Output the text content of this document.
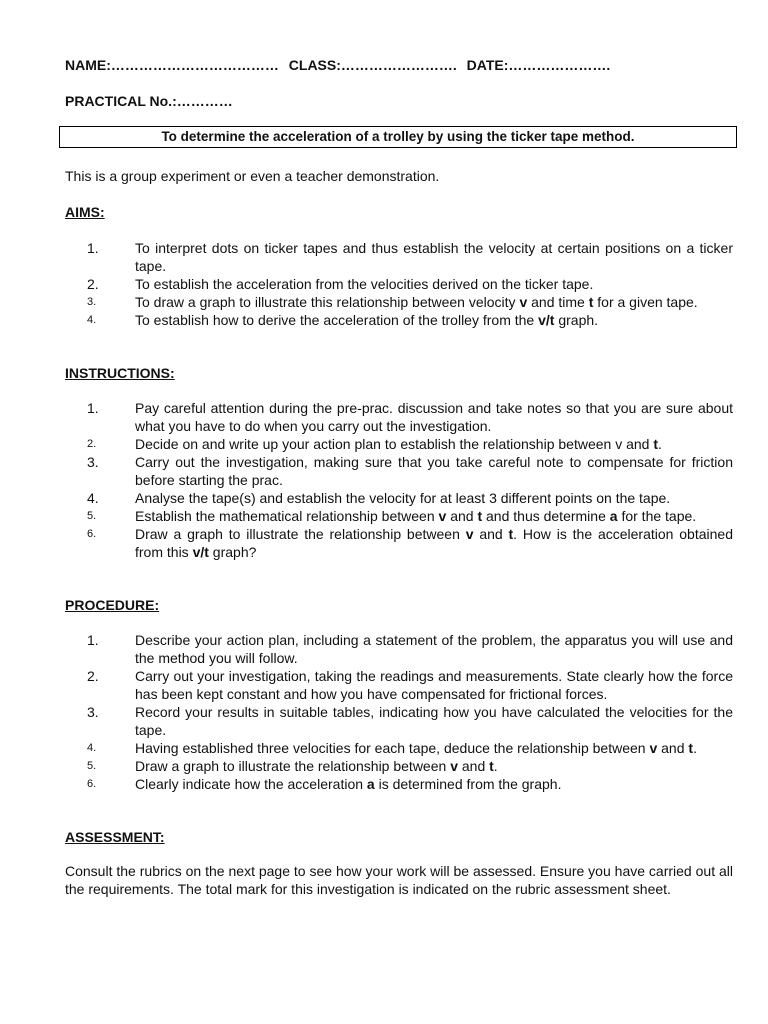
NAME:……………………………… CLASS:……………………. DATE:………………….
PRACTICAL No.:…………
To determine the acceleration of a trolley by using the ticker tape method.
This is a group experiment or even a teacher demonstration.
AIMS:
1.	To interpret dots on ticker tapes and thus establish the velocity at certain positions on a ticker tape.
2.	To establish the acceleration from the velocities derived on the ticker tape.
3.	To draw a graph to illustrate this relationship between velocity v and time t for a given tape.
4.	To establish how to derive the acceleration of the trolley from the v/t graph.
INSTRUCTIONS:
1.	Pay careful attention during the pre-prac. discussion and take notes so that you are sure about what you have to do when you carry out the investigation.
2.	Decide on and write up your action plan to establish the relationship between v and t.
3.	Carry out the investigation, making sure that you take careful note to compensate for friction before starting the prac.
4.	Analyse the tape(s) and establish the velocity for at least 3 different points on the tape.
5.	Establish the mathematical relationship between v and t and thus determine a for the tape.
6.	Draw a graph to illustrate the relationship between v and t. How is the acceleration obtained from this v/t graph?
PROCEDURE:
1.	Describe your action plan, including a statement of the problem, the apparatus you will use and the method you will follow.
2.	Carry out your investigation, taking the readings and measurements. State clearly how the force has been kept constant and how you have compensated for frictional forces.
3.	Record your results in suitable tables, indicating how you have calculated the velocities for the tape.
4.	Having established three velocities for each tape, deduce the relationship between v and t.
5.	Draw a graph to illustrate the relationship between v and t.
6.	Clearly indicate how the acceleration a is determined from the graph.
ASSESSMENT:
Consult the rubrics on the next page to see how your work will be assessed. Ensure you have carried out all the requirements. The total mark for this investigation is indicated on the rubric assessment sheet.
